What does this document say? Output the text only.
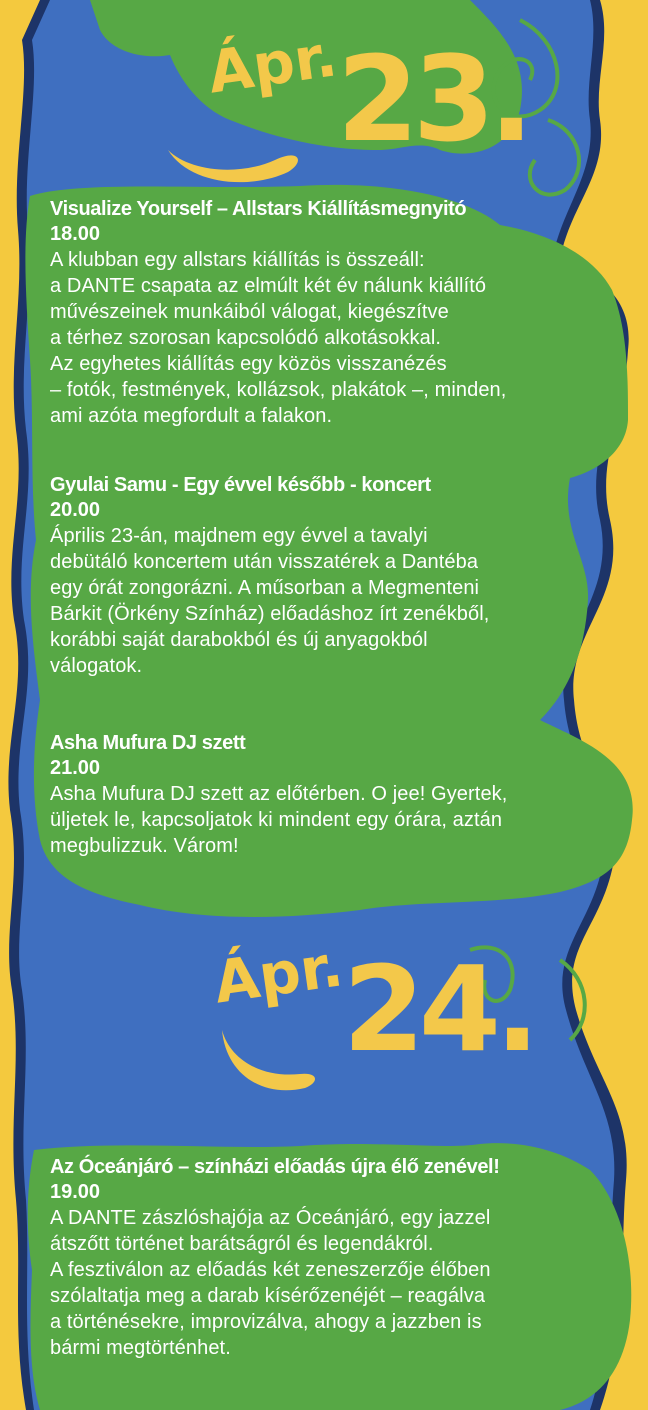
Ápr.23.
Visualize Yourself – Allstars Kiállításmegnyitó
18.00

A klubban egy allstars kiállítás is összeáll:

a DANTE csapata az elmúlt két év nálunk kiállító

művészeinek munkáiból válogat, kiegészítve

a térhez szorosan kapcsolódó alkotásokkal.

Az egyhetes kiállítás egy közös visszanézés

– fotók, festmények, kollázsok, plakátok –, minden,

ami azóta megfordult a falakon.

Gyulai Samu - Egy évvel később - koncert
20.00

Április 23-án, majdnem egy évvel a tavalyi

debütáló koncertem után visszatérek a Dantéba

egy órát zongorázni. A műsorban a Megmenteni

Bárkit (Örkény Színház) előadáshoz írt zenékből,

korábbi saját darabokból és új anyagokból

válogatok.

Asha Mufura DJ szett
21.00

Asha Mufura DJ szett az előtérben. O jee! Gyertek,

üljetek le, kapcsoljatok ki mindent egy órára, aztán

megbulizzuk. Várom!

Ápr.24.
Az Óceánjáró – színházi előadás újra élő zenével!
19.00

A DANTE zászlóshajója az Óceánjáró, egy jazzel

átszőtt történet barátságról és legendákról.

A fesztiválon az előadás két zeneszerzője élőben

szólaltatja meg a darab kísérőzenéjét – reagálva

a történésekre, improvizálva, ahogy a jazzben is

bármi megtörténhet.
